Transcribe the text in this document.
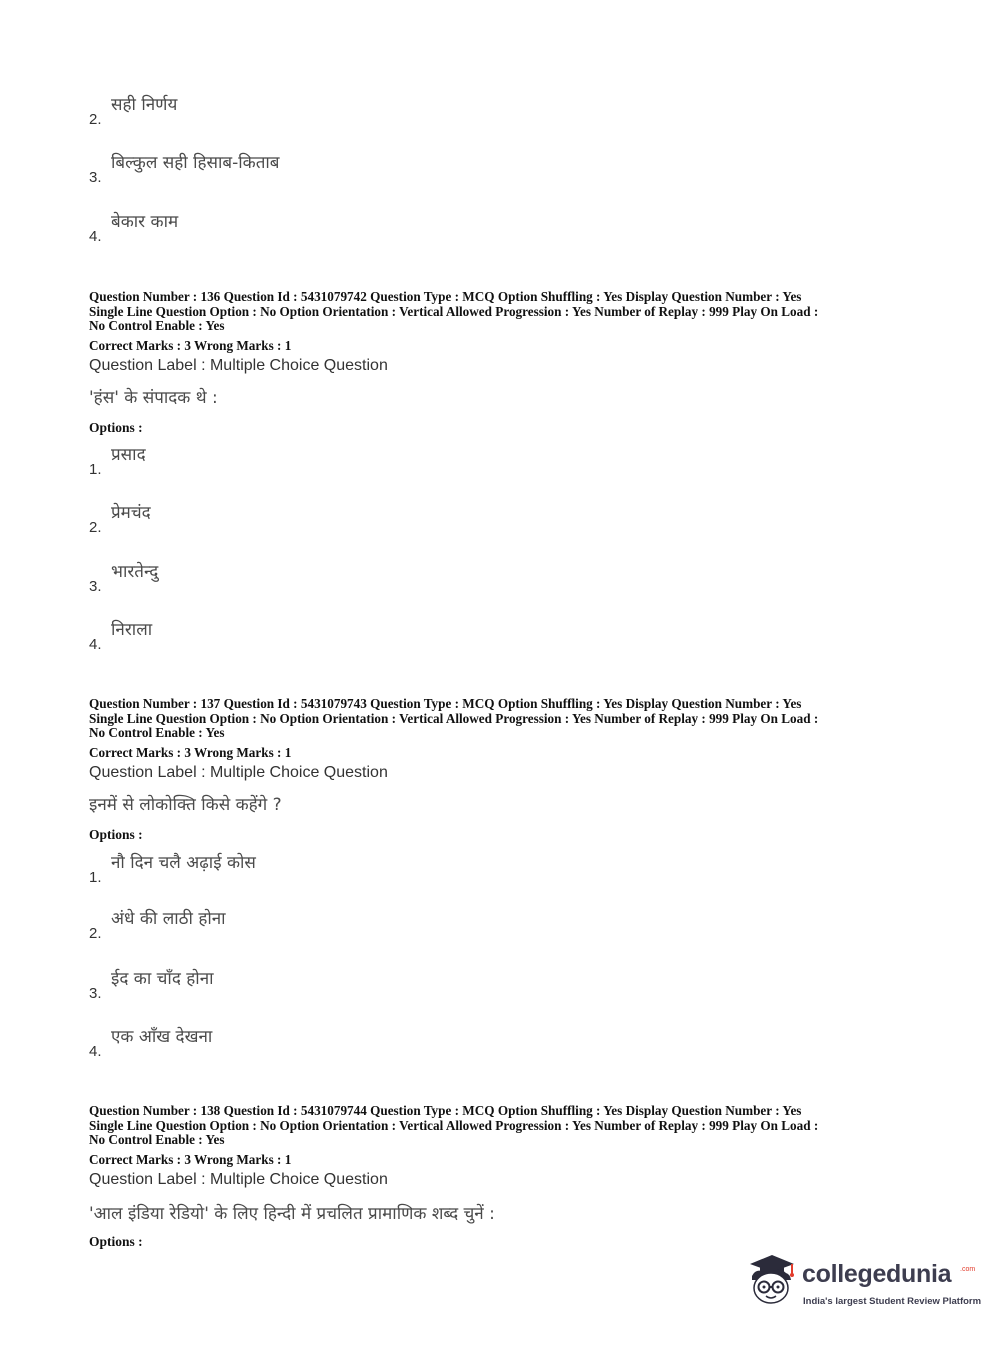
2.
सही निर्णय
3.
बिल्कुल सही हिसाब-किताब
4.
बेकार काम
Question Number : 136 Question Id : 5431079742 Question Type : MCQ Option Shuffling : Yes Display Question Number : Yes
Single Line Question Option : No Option Orientation : Vertical Allowed Progression : Yes Number of Replay : 999 Play On Load :
No Control Enable : Yes
Correct Marks : 3 Wrong Marks : 1
Question Label : Multiple Choice Question
'हंस' के संपादक थे :
Options :
1.
प्रसाद
2.
प्रेमचंद
3.
भारतेन्दु
4.
निराला
Question Number : 137 Question Id : 5431079743 Question Type : MCQ Option Shuffling : Yes Display Question Number : Yes
Single Line Question Option : No Option Orientation : Vertical Allowed Progression : Yes Number of Replay : 999 Play On Load :
No Control Enable : Yes
Correct Marks : 3 Wrong Marks : 1
Question Label : Multiple Choice Question
इनमें से लोकोक्ति किसे कहेंगे ?
Options :
1.
नौ दिन चलै अढ़ाई कोस
2.
अंधे की लाठी होना
3.
ईद का चाँद होना
4.
एक आँख देखना
Question Number : 138 Question Id : 5431079744 Question Type : MCQ Option Shuffling : Yes Display Question Number : Yes
Single Line Question Option : No Option Orientation : Vertical Allowed Progression : Yes Number of Replay : 999 Play On Load :
No Control Enable : Yes
Correct Marks : 3 Wrong Marks : 1
Question Label : Multiple Choice Question
'आल इंडिया रेडियो' के लिए हिन्दी में प्रचलित प्रामाणिक शब्द चुनें :
Options :
collegedunia .com
India's largest Student Review Platform
